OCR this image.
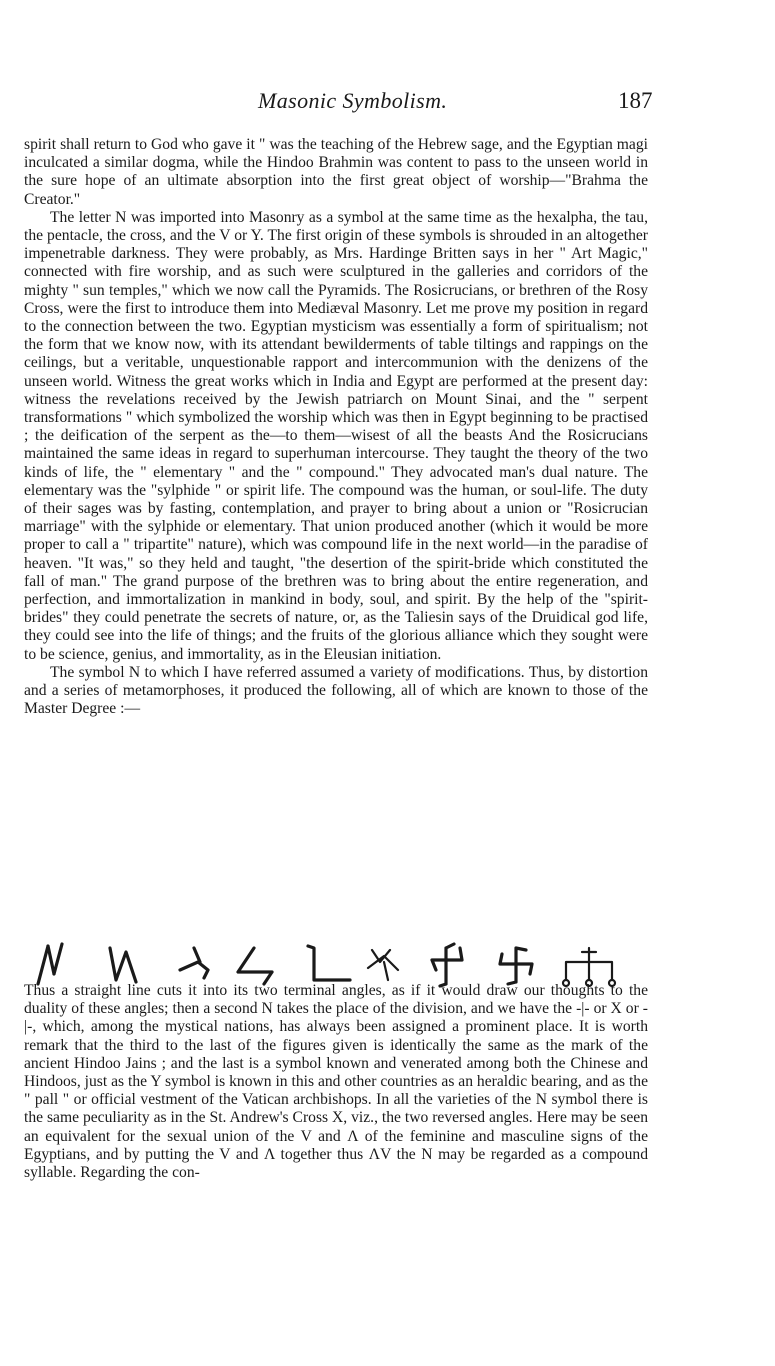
Masonic Symbolism.	187

spirit shall return to God who gave it " was the teaching of the Hebrew sage, and the Egyptian magi inculcated a similar dogma, while the Hindoo Brahmin was content to pass to the unseen world in the sure hope of an ultimate absorption into the first great object of worship—"Brahma the Creator."

The letter N was imported into Masonry as a symbol at the same time as the hexalpha, the tau, the pentacle, the cross, and the V or Y. The first origin of these symbols is shrouded in an altogether impenetrable darkness. They were probably, as Mrs. Hardinge Britten says in her " Art Magic," connected with fire worship, and as such were sculptured in the galleries and corridors of the mighty " sun temples," which we now call the Pyramids. The Rosicrucians, or brethren of the Rosy Cross, were the first to introduce them into Mediæval Masonry. Let me prove my position in regard to the connection between the two. Egyptian mysticism was essentially a form of spiritualism; not the form that we know now, with its attendant bewilderments of table tiltings and rappings on the ceilings, but a veritable, unquestionable rapport and intercommunion with the denizens of the unseen world. Witness the great works which in India and Egypt are performed at the present day: witness the revelations received by the Jewish patriarch on Mount Sinai, and the " serpent transformations " which symbolized the worship which was then in Egypt beginning to be practised ; the deification of the serpent as the—to them—wisest of all the beasts And the Rosicrucians maintained the same ideas in regard to superhuman intercourse. They taught the theory of the two kinds of life, the " elementary " and the " compound." They advocated man's dual nature. The elementary was the "sylphide " or spirit life. The compound was the human, or soul-life. The duty of their sages was by fasting, contemplation, and prayer to bring about a union or "Rosicrucian marriage" with the sylphide or elementary. That union produced another (which it would be more proper to call a " tripartite" nature), which was compound life in the next world—in the paradise of heaven. "It was," so they held and taught, "the desertion of the spirit-bride which constituted the fall of man." The grand purpose of the brethren was to bring about the entire regeneration, and perfection, and immortalization in mankind in body, soul, and spirit. By the help of the "spirit-brides" they could penetrate the secrets of nature, or, as the Taliesin says of the Druidical god life, they could see into the life of things; and the fruits of the glorious alliance which they sought were to be science, genius, and immortality, as in the Eleusian initiation.

The symbol N to which I have referred assumed a variety of modifications. Thus, by distortion and a series of metamorphoses, it produced the following, all of which are known to those of the Master Degree :—

Thus a straight line cuts it into its two terminal angles, as if it would draw our thoughts to the duality of these angles; then a second N takes the place of the division, and we have the -|- or X or -|-, which, among the mystical nations, has always been assigned a prominent place. It is worth remark that the third to the last of the figures given is identically the same as the mark of the ancient Hindoo Jains ; and the last is a symbol known and venerated among both the Chinese and Hindoos, just as the Y symbol is known in this and other countries as an heraldic bearing, and as the " pall " or official vestment of the Vatican archbishops. In all the varieties of the N symbol there is the same peculiarity as in the St. Andrew's Cross X, viz., the two reversed angles. Here may be seen an equivalent for the sexual union of the V and Λ of the feminine and masculine signs of the Egyptians, and by putting the V and Λ together thus ΛV the N may be regarded as a compound syllable. Regarding the con-
